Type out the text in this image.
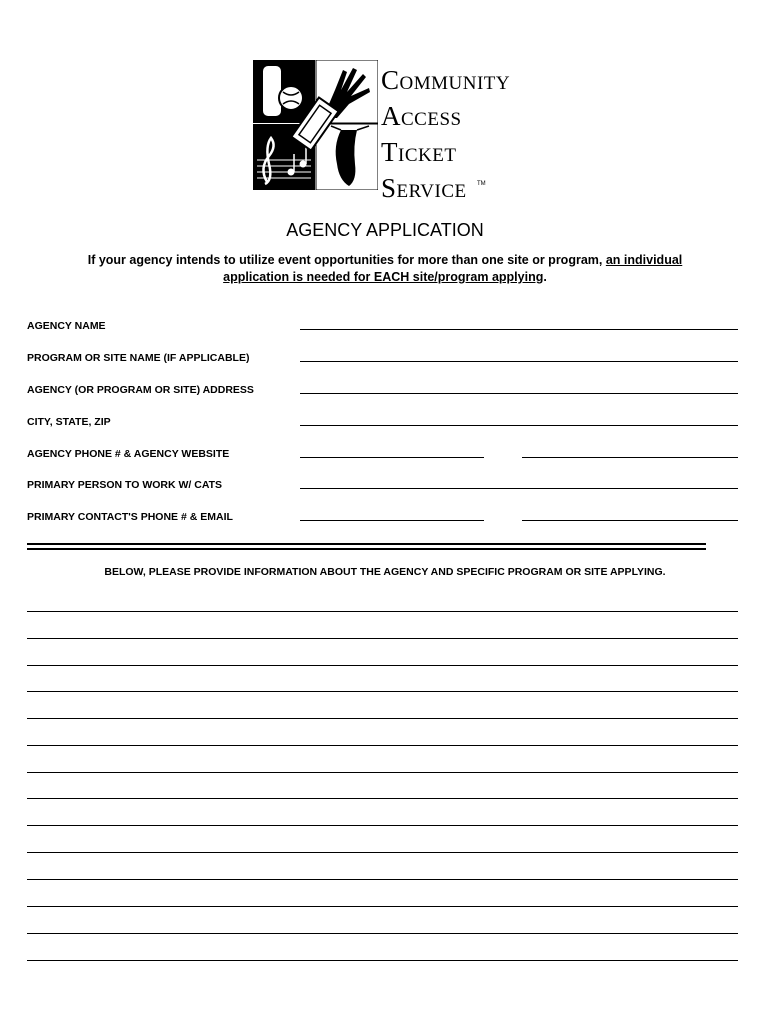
Community
Access
Ticket
Service	TM
AGENCY APPLICATION
If your agency intends to utilize event opportunities for more than one site or program, an individual
application is needed for EACH site/program applying.
AGENCY NAME
PROGRAM OR SITE NAME (IF APPLICABLE)
AGENCY (OR PROGRAM OR SITE) ADDRESS
CITY, STATE, ZIP
AGENCY PHONE # & AGENCY WEBSITE
PRIMARY PERSON TO WORK W/ CATS
PRIMARY CONTACT'S PHONE # & EMAIL
BELOW, PLEASE PROVIDE INFORMATION ABOUT THE AGENCY AND SPECIFIC PROGRAM OR SITE APPLYING.
